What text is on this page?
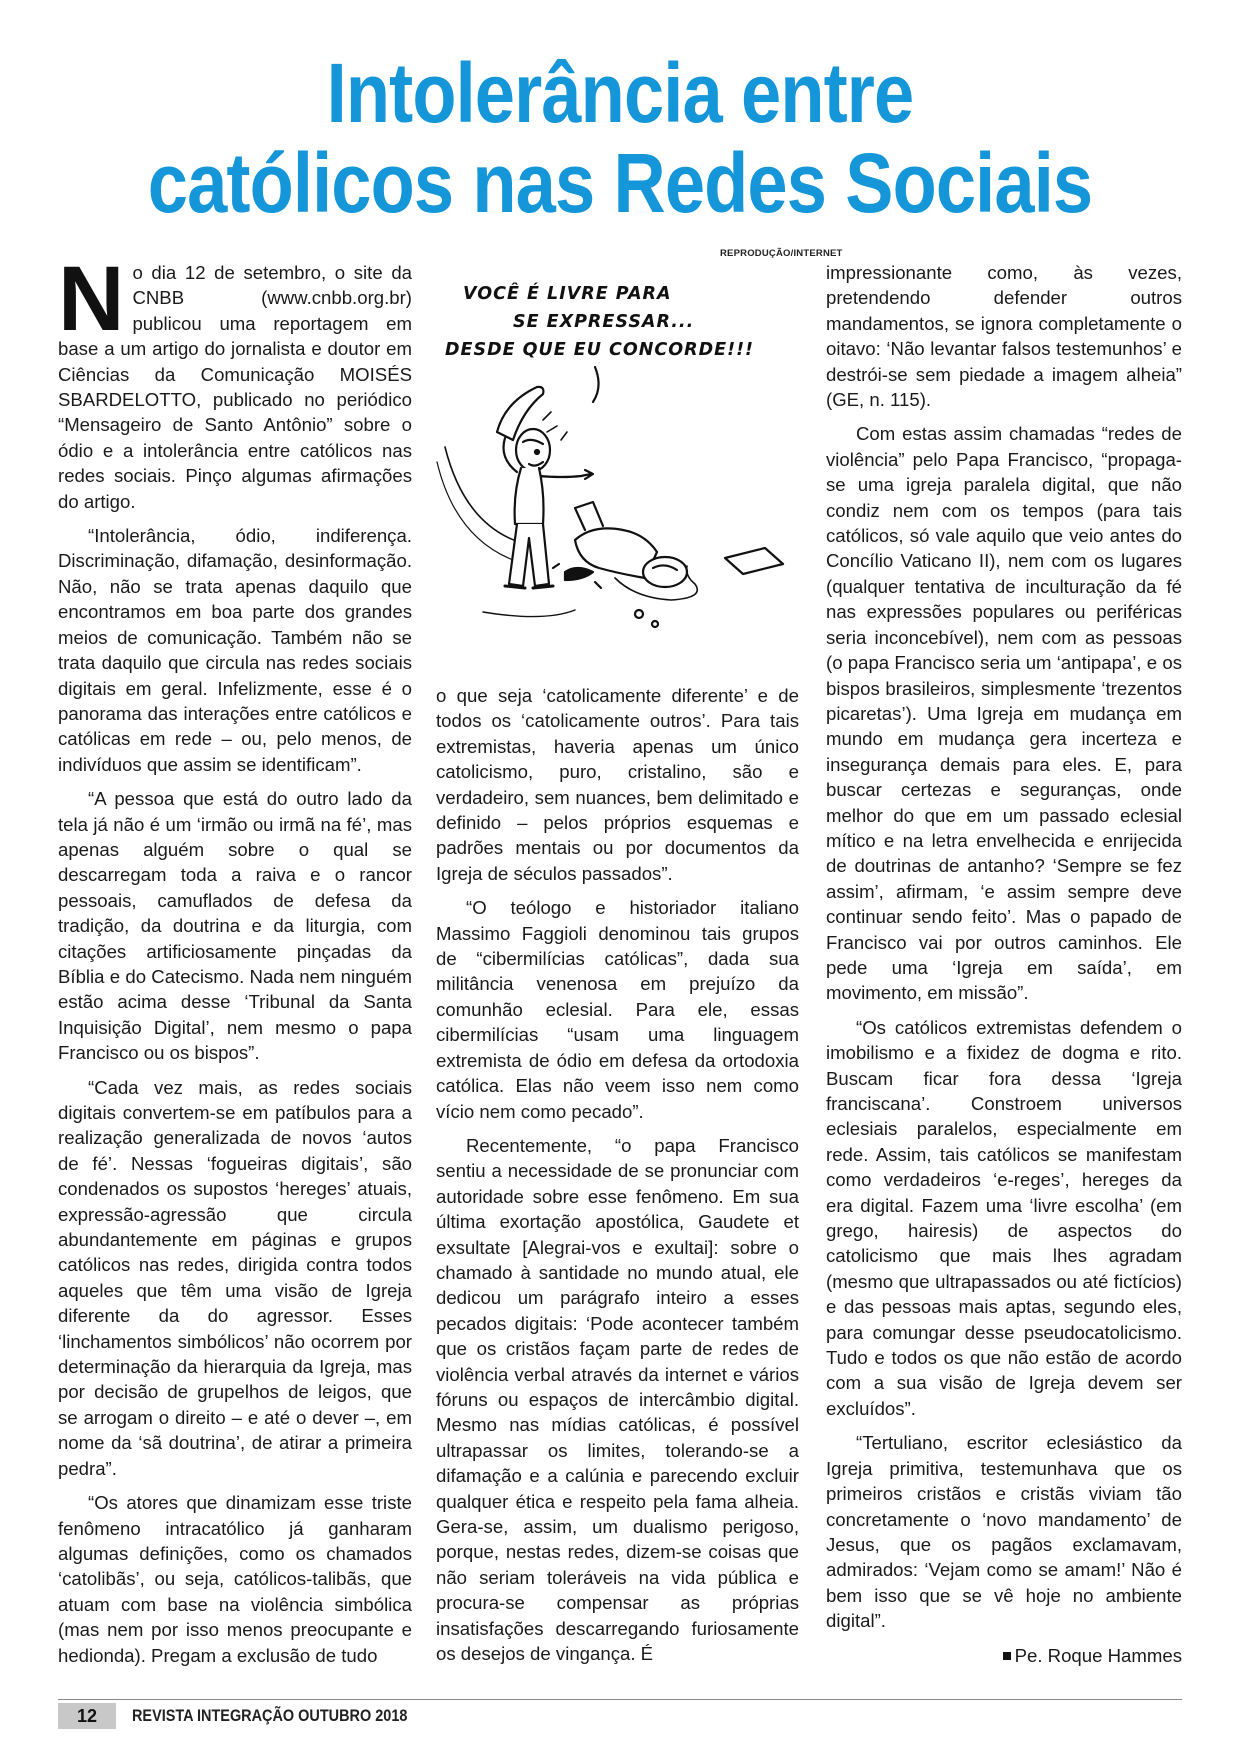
Intolerância entre
católicos nas Redes Sociais

No dia 12 de setembro, o site da CNBB (www.cnbb.org.br) publicou uma reportagem em base a um artigo do jornalista e doutor em Ciências da Comunicação MOISÉS SBARDELOTTO, publicado no periódico “Mensageiro de Santo Antônio” sobre o ódio e a intolerância entre católicos nas redes sociais. Pinço algumas afirmações do artigo.

“Intolerância, ódio, indiferença. Discriminação, difamação, desinformação. Não, não se trata apenas daquilo que encontramos em boa parte dos grandes meios de comunicação. Também não se trata daquilo que circula nas redes sociais digitais em geral. Infelizmente, esse é o panorama das interações entre católicos e católicas em rede – ou, pelo menos, de indivíduos que assim se identificam”.

“A pessoa que está do outro lado da tela já não é um ‘irmão ou irmã na fé’, mas apenas alguém sobre o qual se descarregam toda a raiva e o rancor pessoais, camuflados de defesa da tradição, da doutrina e da liturgia, com citações artificiosamente pinçadas da Bíblia e do Catecismo. Nada nem ninguém estão acima desse ‘Tribunal da Santa Inquisição Digital’, nem mesmo o papa Francisco ou os bispos”.

“Cada vez mais, as redes sociais digitais convertem-se em patíbulos para a realização generalizada de novos ‘autos de fé’. Nessas ‘fogueiras digitais’, são condenados os supostos ‘hereges’ atuais, expressão-agressão que circula abundantemente em páginas e grupos católicos nas redes, dirigida contra todos aqueles que têm uma visão de Igreja diferente da do agressor. Esses ‘linchamentos simbólicos’ não ocorrem por determinação da hierarquia da Igreja, mas por decisão de grupelhos de leigos, que se arrogam o direito – e até o dever –, em nome da ‘sã doutrina’, de atirar a primeira pedra”.

“Os atores que dinamizam esse triste fenômeno intracatólico já ganharam algumas definições, como os chamados ‘catolibãs’, ou seja, católicos-talibãs, que atuam com base na violência simbólica (mas nem por isso menos preocupante e hedionda). Pregam a exclusão de tudo

REPRODUÇÃO/INTERNET
VOCÊ É LIVRE PARA
SE EXPRESSAR...
DESDE QUE EU CONCORDE!!!

o que seja ‘catolicamente diferente’ e de todos os ‘catolicamente outros’. Para tais extremistas, haveria apenas um único catolicismo, puro, cristalino, são e verdadeiro, sem nuances, bem delimitado e definido – pelos próprios esquemas e padrões mentais ou por documentos da Igreja de séculos passados”.

“O teólogo e historiador italiano Massimo Faggioli denominou tais grupos de “cibermilícias católicas”, dada sua militância venenosa em prejuízo da comunhão eclesial. Para ele, essas cibermilícias “usam uma linguagem extremista de ódio em defesa da ortodoxia católica. Elas não veem isso nem como vício nem como pecado”.

Recentemente, “o papa Francisco sentiu a necessidade de se pronunciar com autoridade sobre esse fenômeno. Em sua última exortação apostólica, Gaudete et exsultate [Alegrai-vos e exultai]: sobre o chamado à santidade no mundo atual, ele dedicou um parágrafo inteiro a esses pecados digitais: ‘Pode acontecer também que os cristãos façam parte de redes de violência verbal através da internet e vários fóruns ou espaços de intercâmbio digital. Mesmo nas mídias católicas, é possível ultrapassar os limites, tolerando-se a difamação e a calúnia e parecendo excluir qualquer ética e respeito pela fama alheia. Gera-se, assim, um dualismo perigoso, porque, nestas redes, dizem-se coisas que não seriam toleráveis na vida pública e procura-se compensar as próprias insatisfações descarregando furiosamente os desejos de vingança. É

impressionante como, às vezes, pretendendo defender outros mandamentos, se ignora completamente o oitavo: ‘Não levantar falsos testemunhos’ e destrói-se sem piedade a imagem alheia” (GE, n. 115).

Com estas assim chamadas “redes de violência” pelo Papa Francisco, “propaga-se uma igreja paralela digital, que não condiz nem com os tempos (para tais católicos, só vale aquilo que veio antes do Concílio Vaticano II), nem com os lugares (qualquer tentativa de inculturação da fé nas expressões populares ou periféricas seria inconcebível), nem com as pessoas (o papa Francisco seria um ‘antipapa’, e os bispos brasileiros, simplesmente ‘trezentos picaretas’). Uma Igreja em mudança em mundo em mudança gera incerteza e insegurança demais para eles. E, para buscar certezas e seguranças, onde melhor do que em um passado eclesial mítico e na letra envelhecida e enrijecida de doutrinas de antanho? ‘Sempre se fez assim’, afirmam, ‘e assim sempre deve continuar sendo feito’. Mas o papado de Francisco vai por outros caminhos. Ele pede uma ‘Igreja em saída’, em movimento, em missão”.

“Os católicos extremistas defendem o imobilismo e a fixidez de dogma e rito. Buscam ficar fora dessa ‘Igreja franciscana’. Constroem universos eclesiais paralelos, especialmente em rede. Assim, tais católicos se manifestam como verdadeiros ‘e-reges’, hereges da era digital. Fazem uma ‘livre escolha’ (em grego, hairesis) de aspectos do catolicismo que mais lhes agradam (mesmo que ultrapassados ou até fictícios) e das pessoas mais aptas, segundo eles, para comungar desse pseudocatolicismo. Tudo e todos os que não estão de acordo com a sua visão de Igreja devem ser excluídos”.

“Tertuliano, escritor eclesiástico da Igreja primitiva, testemunhava que os primeiros cristãos e cristãs viviam tão concretamente o ‘novo mandamento’ de Jesus, que os pagãos exclamavam, admirados: ‘Vejam como se amam!’ Não é bem isso que se vê hoje no ambiente digital”.

Pe. Roque Hammes

12	REVISTA INTEGRAÇÃO OUTUBRO 2018
